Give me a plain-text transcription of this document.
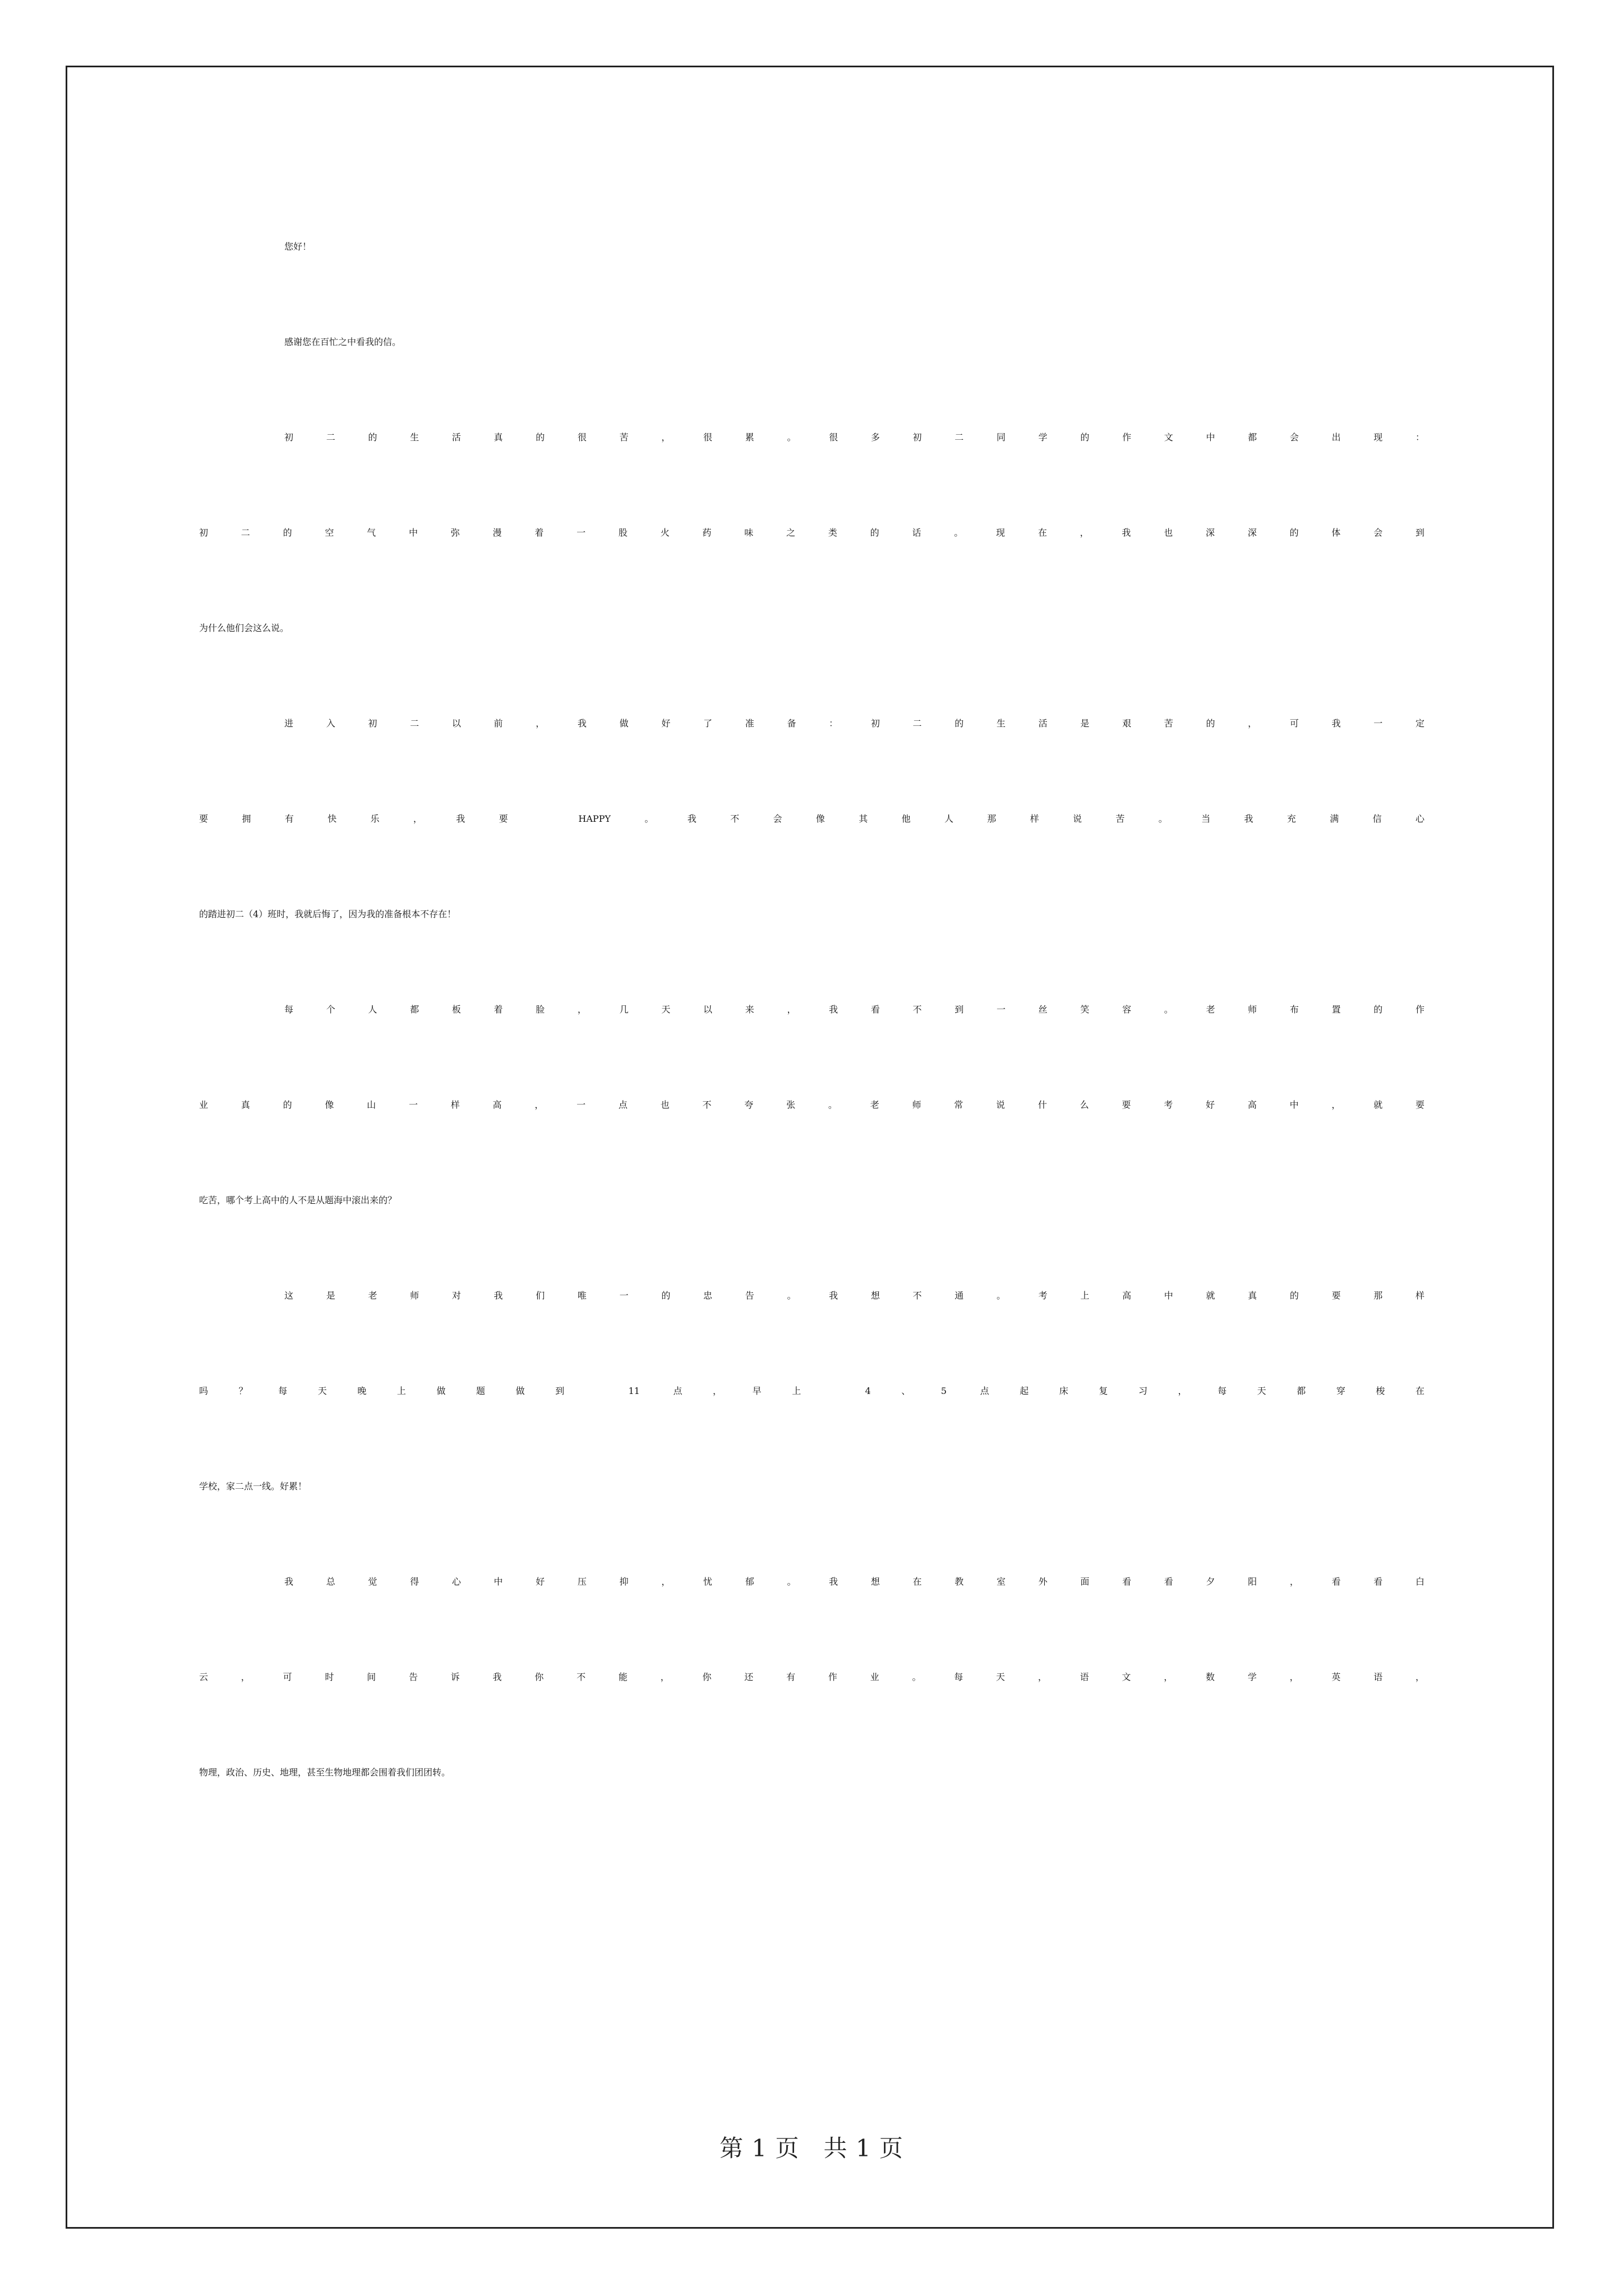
您好！
感谢您在百忙之中看我的信。
初二的生活真的很苦，很累。很多初二同学的作文中都会出现：
初二的空气中弥漫着一股火药味之类的话。现在，我也深深的体会到
为什么他们会这么说。
进入初二以前，我做好了准备：初二的生活是艰苦的，可我一定
要拥有快乐，我要 HAPPY。我不会像其他人那样说苦。当我充满信心
的踏进初二（4）班时，我就后悔了，因为我的准备根本不存在！
每个人都板着脸，几天以来，我看不到一丝笑容。老师布置的作
业真的像山一样高，一点也不夸张。老师常说什么要考好高中，就要
吃苦，哪个考上高中的人不是从题海中滚出来的？
这是老师对我们唯一的忠告。我想不通。考上高中就真的要那样
吗？每天晚上做题做到 11 点，早上 4、5 点起床复习，每天都穿梭在
学校，家二点一线。好累！
我总觉得心中好压抑，忧郁。我想在教室外面看看夕阳，看看白
云，可时间告诉我你不能，你还有作业。每天，语文，数学，英语，
物理，政治、历史、地理，甚至生物地理都会围着我们团团转。
第 1 页　共 1 页
